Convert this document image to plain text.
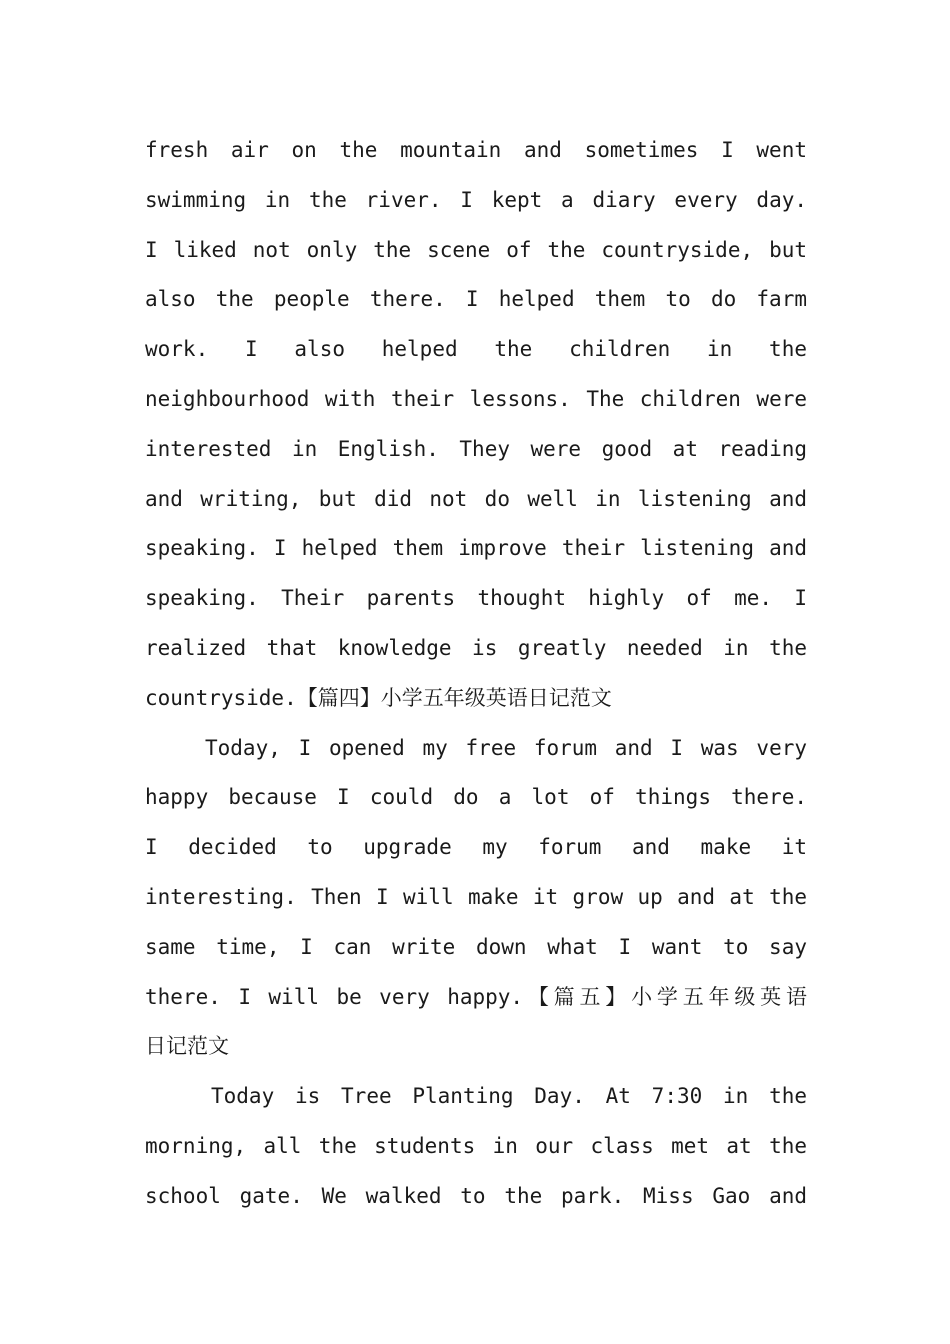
fresh air on the mountain and sometimes I went
swimming in the river. I kept a diary every day.
I liked not only the scene of the countryside, but
also the people there. I helped them to do farm
work. I also helped the children in the
neighbourhood with their lessons. The children were
interested in English. They were good at reading
and writing, but did not do well in listening and
speaking. I helped them improve their listening and
speaking. Their parents thought highly of me. I
realized that knowledge is greatly needed in the
countryside.【篇四】小学五年级英语日记范文
Today, I opened my free forum and I was very
happy because I could do a lot of things there.
I decided to upgrade my forum and make it
interesting. Then I will make it grow up and at the
same time, I can write down what I want to say
there. I will be very happy.【篇五】小学五年级英语
日记范文
Today is Tree Planting Day. At 7:30 in the
morning, all the students in our class met at the
school gate. We walked to the park. Miss Gao and
